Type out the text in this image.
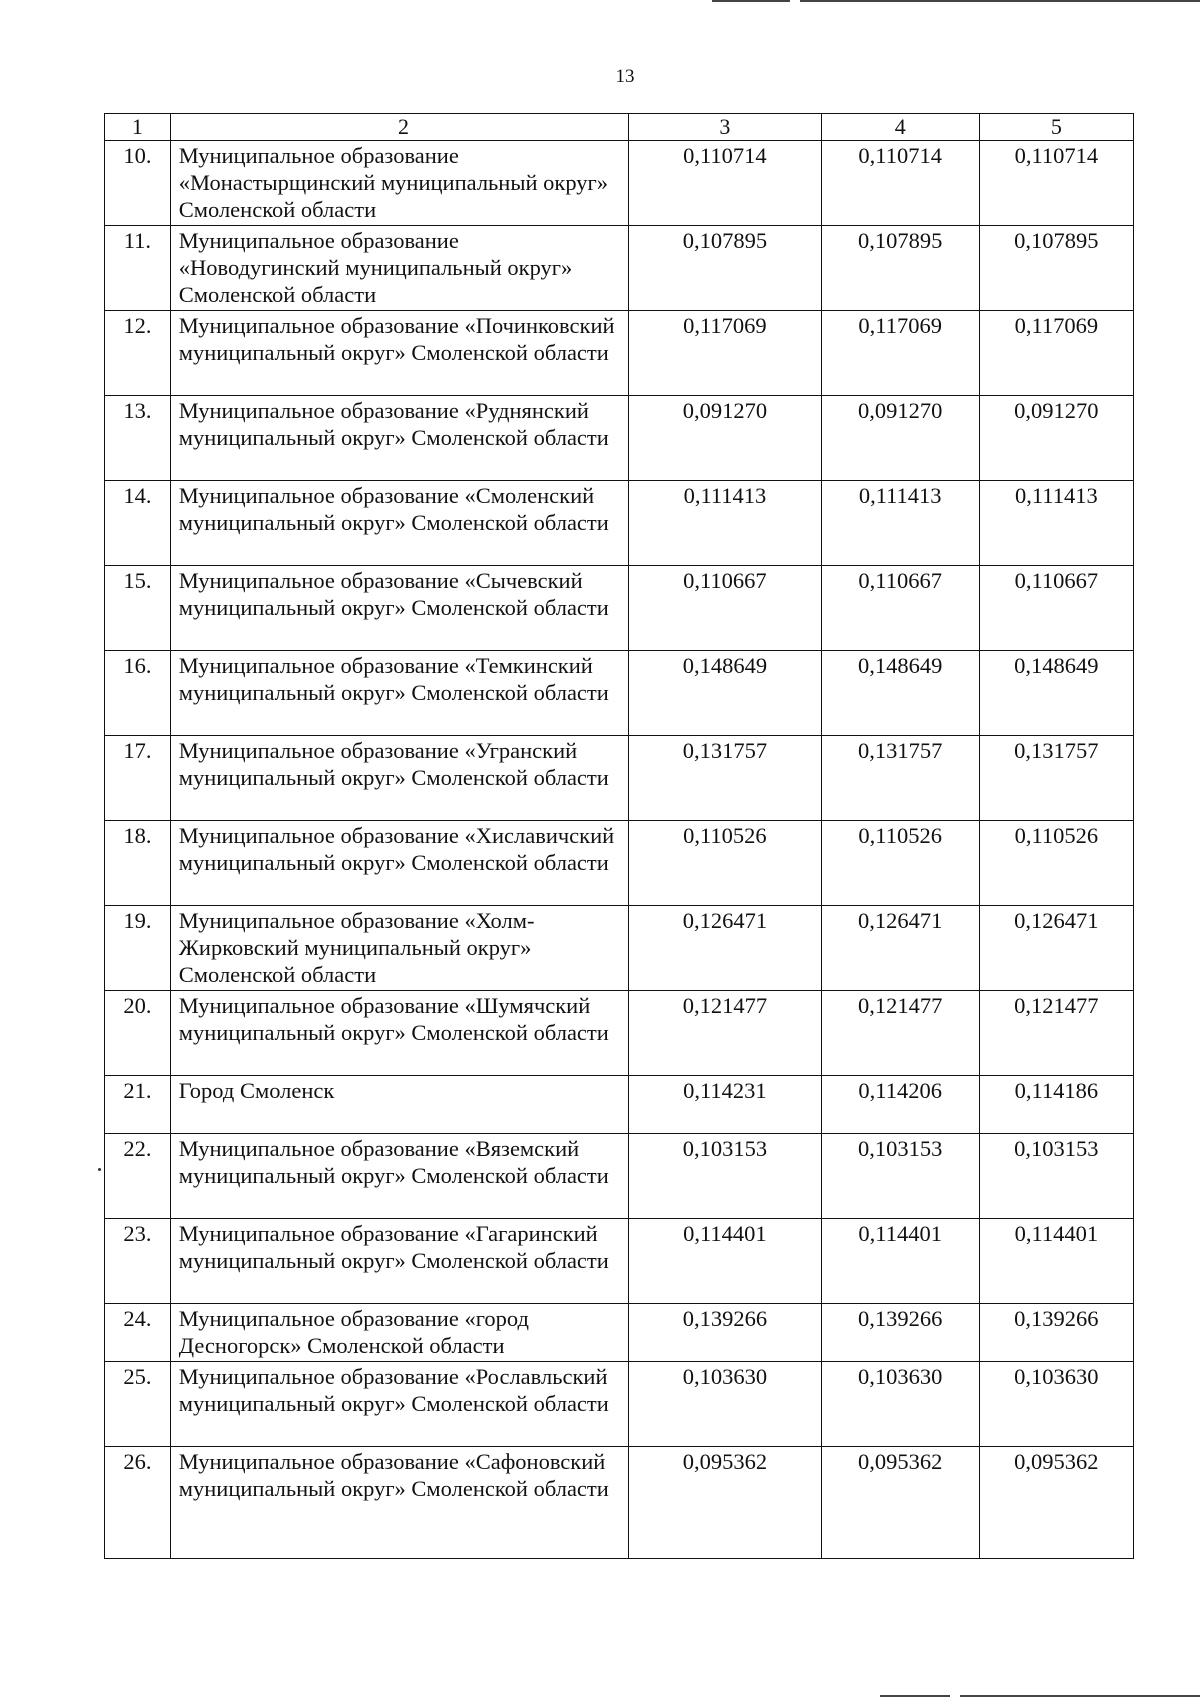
13
1	2	3	4	5
10.	Муниципальное образование «Монастырщинский муниципальный округ» Смоленской области	0,110714	0,110714	0,110714
11.	Муниципальное образование «Новодугинский муниципальный округ» Смоленской области	0,107895	0,107895	0,107895
12.	Муниципальное образование «Починковский муниципальный округ» Смоленской области	0,117069	0,117069	0,117069
13.	Муниципальное образование «Руднянский муниципальный округ» Смоленской области	0,091270	0,091270	0,091270
14.	Муниципальное образование «Смоленский муниципальный округ» Смоленской области	0,111413	0,111413	0,111413
15.	Муниципальное образование «Сычевский муниципальный округ» Смоленской области	0,110667	0,110667	0,110667
16.	Муниципальное образование «Темкинский муниципальный округ» Смоленской области	0,148649	0,148649	0,148649
17.	Муниципальное образование «Угранский муниципальный округ» Смоленской области	0,131757	0,131757	0,131757
18.	Муниципальное образование «Хиславичский муниципальный округ» Смоленской области	0,110526	0,110526	0,110526
19.	Муниципальное образование «Холм-Жирковский муниципальный округ» Смоленской области	0,126471	0,126471	0,126471
20.	Муниципальное образование «Шумячский муниципальный округ» Смоленской области	0,121477	0,121477	0,121477
21.	Город Смоленск	0,114231	0,114206	0,114186
22.	Муниципальное образование «Вяземский муниципальный округ» Смоленской области	0,103153	0,103153	0,103153
23.	Муниципальное образование «Гагаринский муниципальный округ» Смоленской области	0,114401	0,114401	0,114401
24.	Муниципальное образование «город Десногорск» Смоленской области	0,139266	0,139266	0,139266
25.	Муниципальное образование «Рославльский муниципальный округ» Смоленской области	0,103630	0,103630	0,103630
26.	Муниципальное образование «Сафоновский муниципальный округ» Смоленской области	0,095362	0,095362	0,095362
